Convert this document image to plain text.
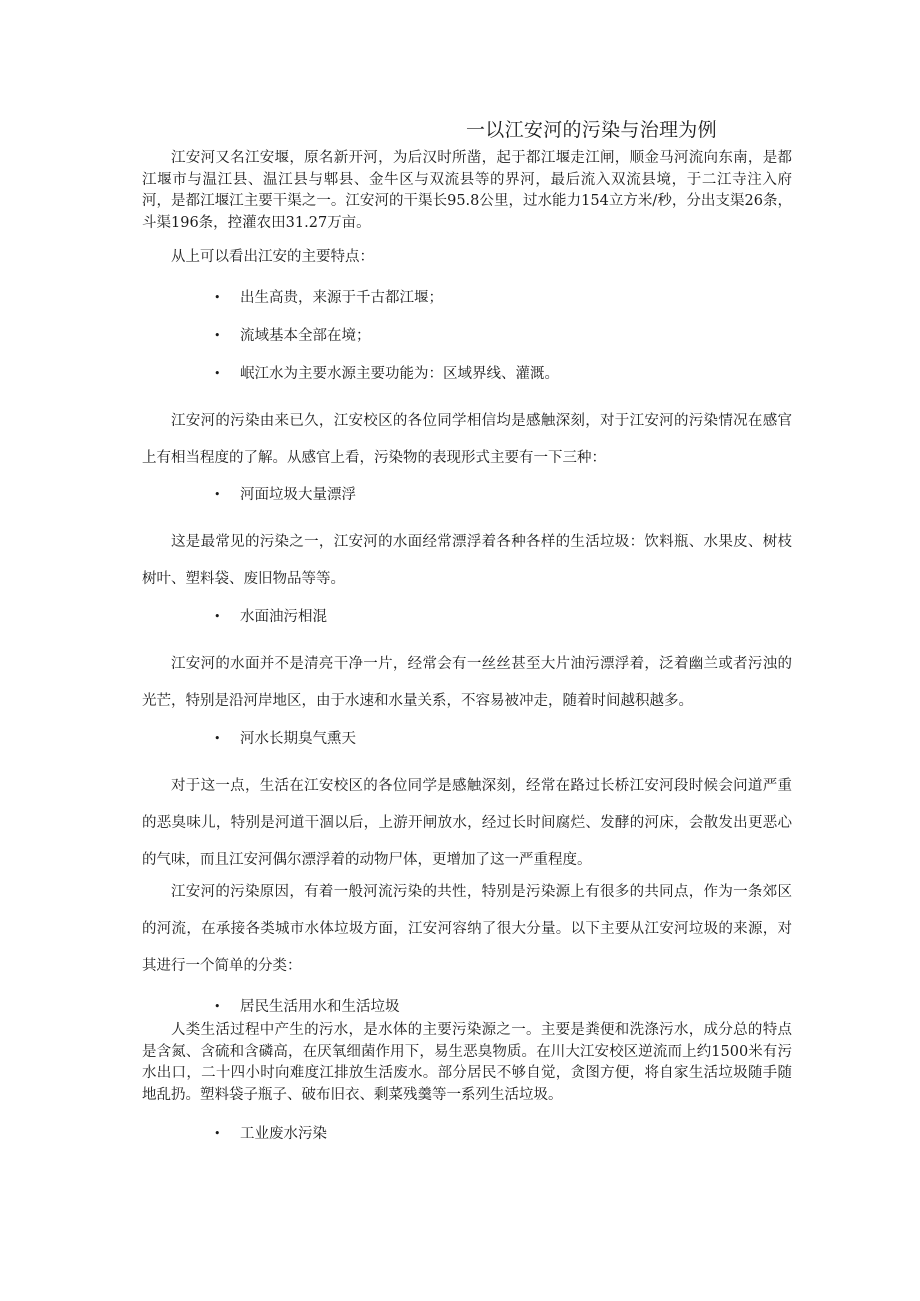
一以江安河的污染与治理为例

江安河又名江安堰，原名新开河，为后汉时所凿，起于都江堰走江闸，顺金马河流向东南，是都江堰市与温江县、温江县与郫县、金牛区与双流县等的界河，最后流入双流县境，于二江寺注入府河，是都江堰江主要干渠之一。江安河的干渠长95.8公里，过水能力154立方米/秒，分出支渠26条，斗渠196条，控灌农田31.27万亩。

从上可以看出江安的主要特点：
• 出生高贵，来源于千古都江堰；
• 流域基本全部在境；
• 岷江水为主要水源主要功能为：区域界线、灌溉。

江安河的污染由来已久，江安校区的各位同学相信均是感触深刻，对于江安河的污染情况在感官上有相当程度的了解。从感官上看，污染物的表现形式主要有一下三种：

• 河面垃圾大量漂浮

这是最常见的污染之一，江安河的水面经常漂浮着各种各样的生活垃圾：饮料瓶、水果皮、树枝树叶、塑料袋、废旧物品等等。

• 水面油污相混

江安河的水面并不是清亮干净一片，经常会有一丝丝甚至大片油污漂浮着，泛着幽兰或者污浊的光芒，特别是沿河岸地区，由于水速和水量关系，不容易被冲走，随着时间越积越多。

• 河水长期臭气熏天

对于这一点，生活在江安校区的各位同学是感触深刻，经常在路过长桥江安河段时候会问道严重的恶臭味儿，特别是河道干涸以后，上游开闸放水，经过长时间腐烂、发酵的河床，会散发出更恶心的气味，而且江安河偶尔漂浮着的动物尸体，更增加了这一严重程度。

江安河的污染原因，有着一般河流污染的共性，特别是污染源上有很多的共同点，作为一条郊区的河流，在承接各类城市水体垃圾方面，江安河容纳了很大分量。以下主要从江安河垃圾的来源，对其进行一个简单的分类：

• 居民生活用水和生活垃圾

人类生活过程中产生的污水，是水体的主要污染源之一。主要是粪便和洗涤污水，成分总的特点是含氮、含硫和含磷高，在厌氧细菌作用下，易生恶臭物质。在川大江安校区逆流而上约1500米有污水出口，二十四小时向难度江排放生活废水。部分居民不够自觉，贪图方便，将自家生活垃圾随手随地乱扔。塑料袋子瓶子、破布旧衣、剩菜残羹等一系列生活垃圾。

• 工业废水污染
